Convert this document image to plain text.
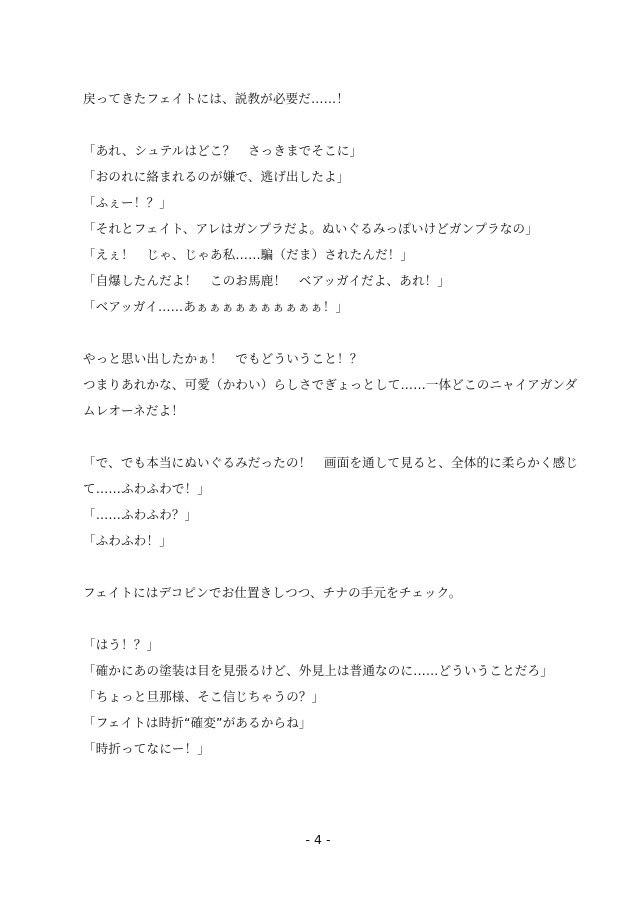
戻ってきたフェイトには、説教が必要だ……！
「あれ、シュテルはどこ？　さっきまでそこに」
「おのれに絡まれるのが嫌で、逃げ出したよ」
「ふぇー！？」
「それとフェイト、アレはガンプラだよ。ぬいぐるみっぽいけどガンプラなの」
「えぇ！　じゃ、じゃあ私……騙（だま）されたんだ！」
「自爆したんだよ！　このお馬鹿！　ベアッガイだよ、あれ！」
「ベアッガイ……あぁぁぁぁぁぁぁぁぁぁ！」
やっと思い出したかぁ！　でもどういうこと！？
つまりあれかな、可愛（かわい）らしさでぎょっとして……一体どこのニャイアガンダ
ムレオーネだよ！
「で、でも本当にぬいぐるみだったの！　画面を通して見ると、全体的に柔らかく感じ
て……ふわふわで！」
「……ふわふわ？」
「ふわふわ！」
フェイトにはデコピンでお仕置きしつつ、チナの手元をチェック。
「はう！？」
「確かにあの塗装は目を見張るけど、外見上は普通なのに……どういうことだろ」
「ちょっと旦那様、そこ信じちゃうの？」
「フェイトは時折“確変”があるからね」
「時折ってなにー！」
- 4 -
